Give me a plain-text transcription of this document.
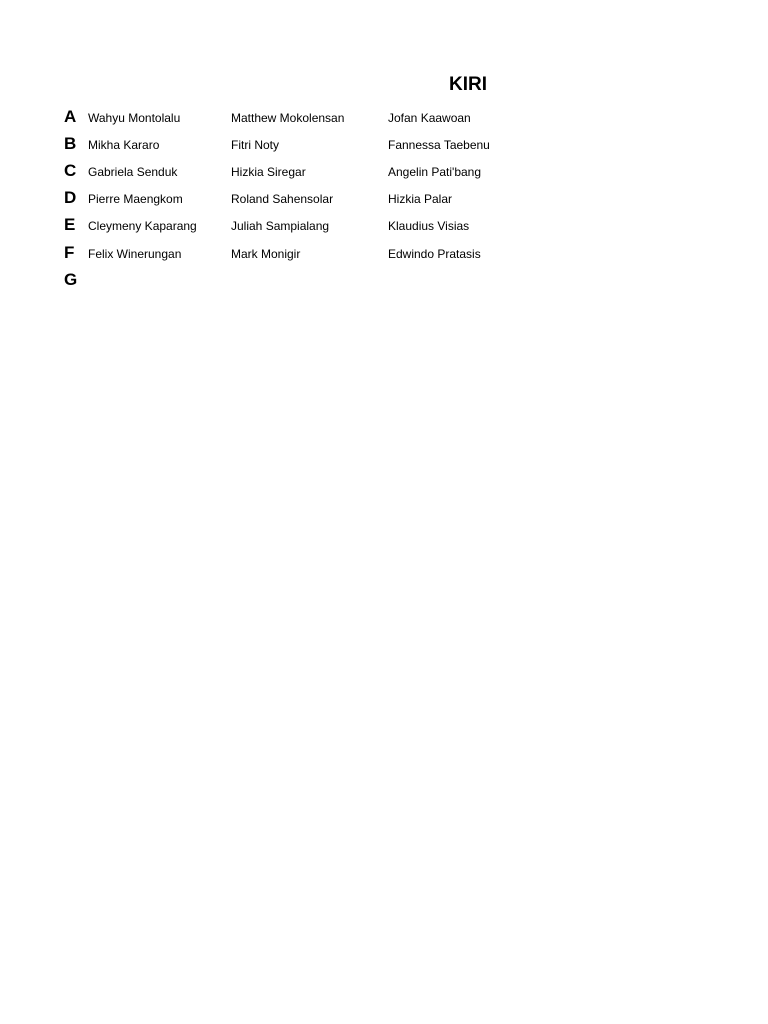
KIRI
A Wahyu Montolalu	Matthew Mokolensan	Jofan Kaawoan
B Mikha Kararo	Fitri Noty	Fannessa Taebenu
C Gabriela Senduk	Hizkia Siregar	Angelin Pati'bang
D Pierre Maengkom	Roland Sahensolar	Hizkia Palar
E Cleymeny Kaparang	Juliah Sampialang	Klaudius Visias
F Felix Winerungan	Mark Monigir	Edwindo Pratasis
G
